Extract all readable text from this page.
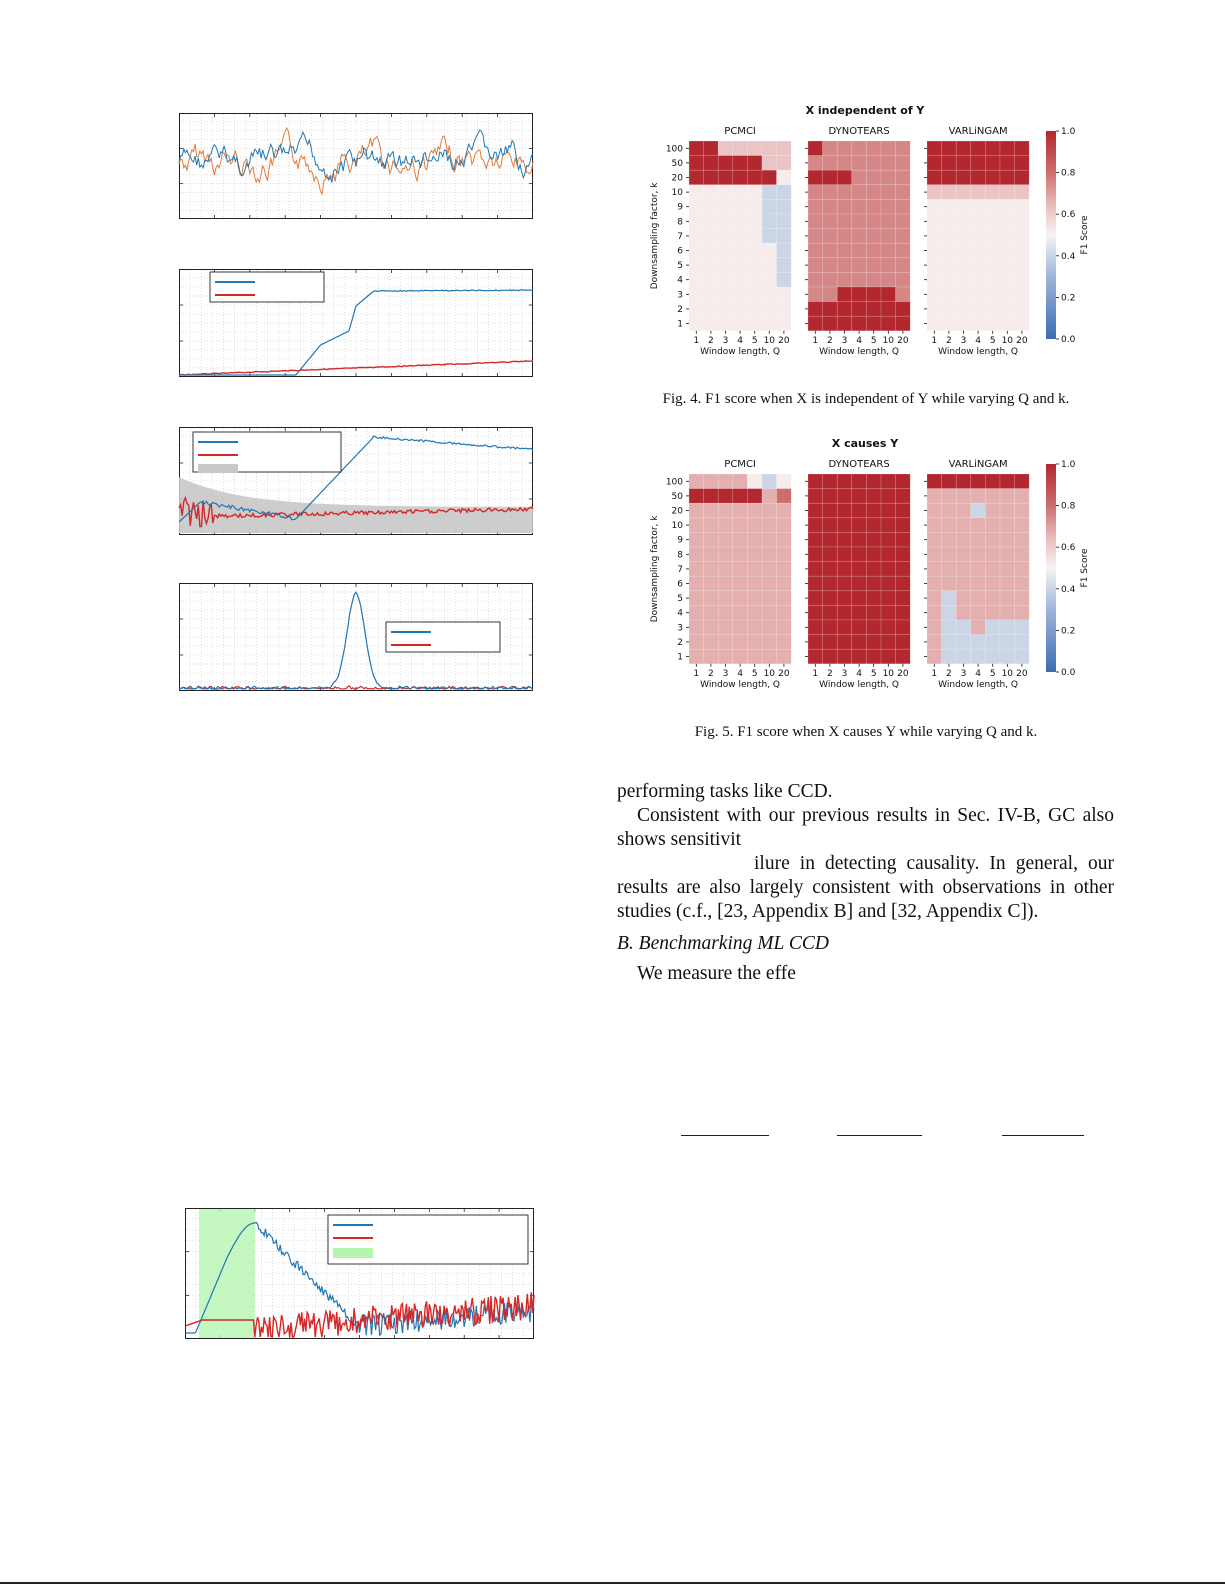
X independent of Y
Downsampling factor, k
PCMCI
1 2 3 4 5 10 20
Window length, Q
100
50
20
10
9
8
7
6
5
4
3
2
1
DYNOTEARS
1 2 3 4 5 10 20
Window length, Q
VARLiNGAM
1 2 3 4 5 10 20
Window length, Q
0.0
0.2
0.4
0.6
0.8
1.0
F1 Score
Fig. 4. F1 score when X is independent of Y while varying Q and k.
X causes Y
Downsampling factor, k
PCMCI
1 2 3 4 5 10 20
Window length, Q
100
50
20
10
9
8
7
6
5
4
3
2
1
DYNOTEARS
1 2 3 4 5 10 20
Window length, Q
VARLiNGAM
1 2 3 4 5 10 20
Window length, Q
0.0
0.2
0.4
0.6
0.8
1.0
F1 Score
Fig. 5. F1 score when X causes Y while varying Q and k.
performing tasks like CCD.
Consistent with our previous results in Sec. IV-B, GC also
shows sensitivit
ilure in detecting causality. In general, our
results are also largely consistent with observations in other
studies (c.f., [23, Appendix B] and [32, Appendix C]).
B. Benchmarking ML CCD
We measure the effe
